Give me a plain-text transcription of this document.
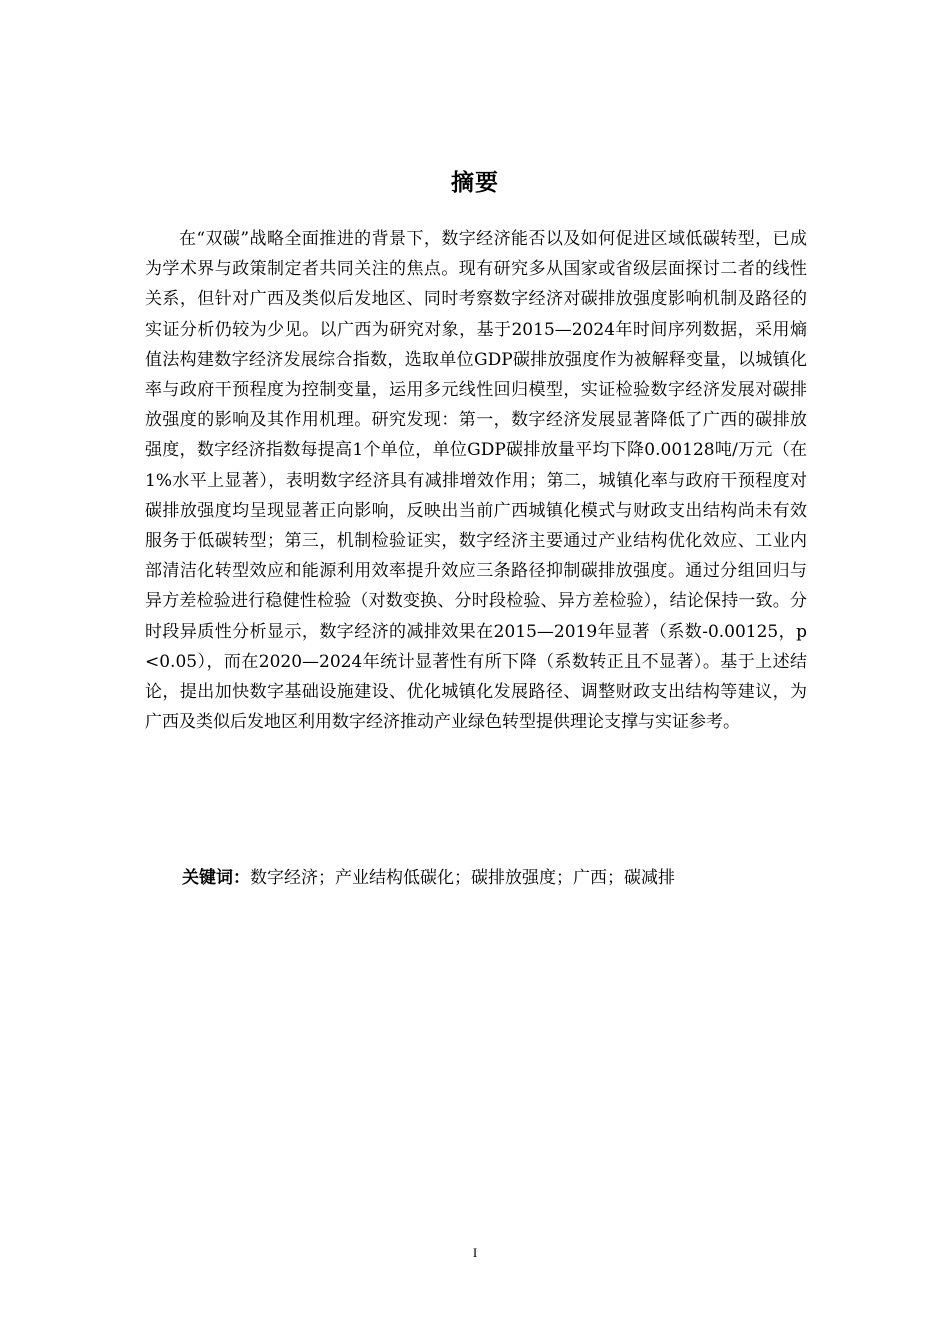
摘要

在“双碳”战略全面推进的背景下，数字经济能否以及如何促进区域低碳转型，已成为学术界与政策制定者共同关注的焦点。现有研究多从国家或省级层面探讨二者的线性关系，但针对广西及类似后发地区、同时考察数字经济对碳排放强度影响机制及路径的实证分析仍较为少见。以广西为研究对象，基于2015—2024年时间序列数据，采用熵值法构建数字经济发展综合指数，选取单位GDP碳排放强度作为被解释变量，以城镇化率与政府干预程度为控制变量，运用多元线性回归模型，实证检验数字经济发展对碳排放强度的影响及其作用机理。研究发现：第一，数字经济发展显著降低了广西的碳排放强度，数字经济指数每提高1个单位，单位GDP碳排放量平均下降0.00128吨/万元（在1%水平上显著），表明数字经济具有减排增效作用；第二，城镇化率与政府干预程度对碳排放强度均呈现显著正向影响，反映出当前广西城镇化模式与财政支出结构尚未有效服务于低碳转型；第三，机制检验证实，数字经济主要通过产业结构优化效应、工业内部清洁化转型效应和能源利用效率提升效应三条路径抑制碳排放强度。通过分组回归与异方差检验进行稳健性检验（对数变换、分时段检验、异方差检验），结论保持一致。分时段异质性分析显示，数字经济的减排效果在2015—2019年显著（系数-0.00125，p<0.05），而在2020—2024年统计显著性有所下降（系数转正且不显著）。基于上述结论，提出加快数字基础设施建设、优化城镇化发展路径、调整财政支出结构等建议，为广西及类似后发地区利用数字经济推动产业绿色转型提供理论支撑与实证参考。

关键词：数字经济；产业结构低碳化；碳排放强度；广西；碳减排

I
